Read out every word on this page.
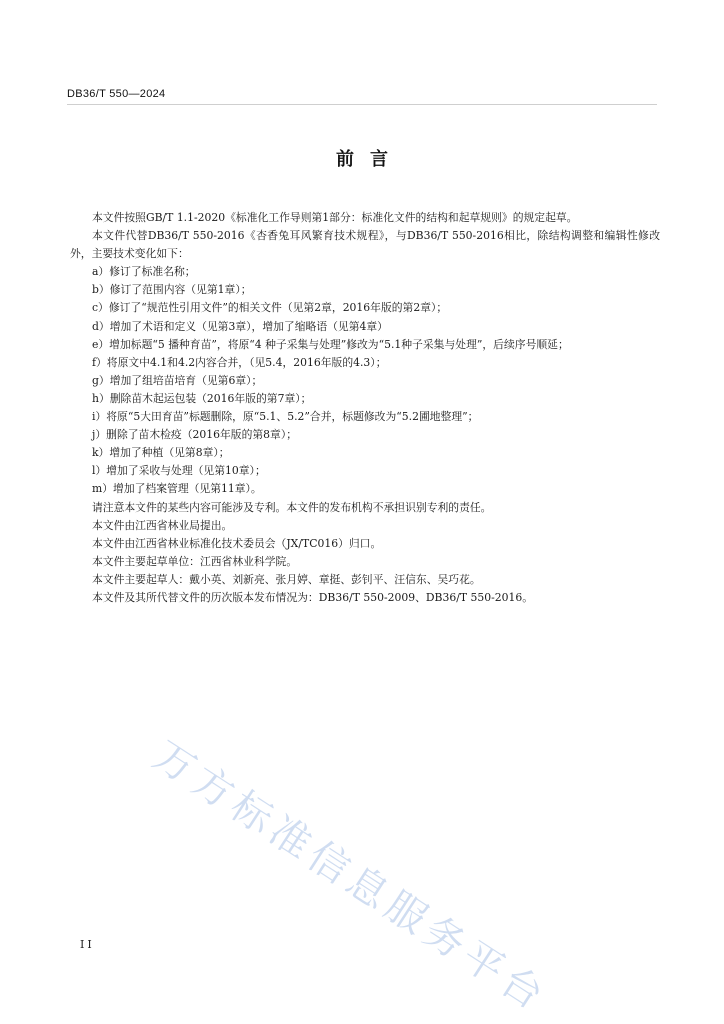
DB36/T 550—2024
前言

本文件按照GB/T 1.1-2020《标准化工作导则第1部分：标准化文件的结构和起草规则》的规定起草。

本文件代替DB36/T 550-2016《杏香兔耳风繁育技术规程》，与DB36/T 550-2016相比，除结构调整和编辑性修改外，主要技术变化如下：

a）修订了标准名称；

b）修订了范围内容（见第1章）；

c）修订了“规范性引用文件”的相关文件（见第2章，2016年版的第2章）；

d）增加了术语和定义（见第3章），增加了缩略语（见第4章）

e）增加标题“5 播种育苗”，将原“4 种子采集与处理”修改为“5.1种子采集与处理”，后续序号顺延；

f）将原文中4.1和4.2内容合并，（见5.4，2016年版的4.3）；

g）增加了组培苗培育（见第6章）；

h）删除苗木起运包装（2016年版的第7章）；

i）将原“5大田育苗”标题删除，原“5.1、5.2”合并，标题修改为“5.2圃地整理”；

j）删除了苗木检疫（2016年版的第8章）；

k）增加了种植（见第8章）；

l）增加了采收与处理（见第10章）；

m）增加了档案管理（见第11章）。

请注意本文件的某些内容可能涉及专利。本文件的发布机构不承担识别专利的责任。

本文件由江西省林业局提出。

本文件由江西省林业标准化技术委员会（JX/TC016）归口。

本文件主要起草单位：江西省林业科学院。

本文件主要起草人：戴小英、刘新亮、张月婷、章挺、彭钊平、汪信东、吴巧花。

本文件及其所代替文件的历次版本发布情况为：DB36/T 550-2009、DB36/T 550-2016。

万方标准信息服务平台
II
